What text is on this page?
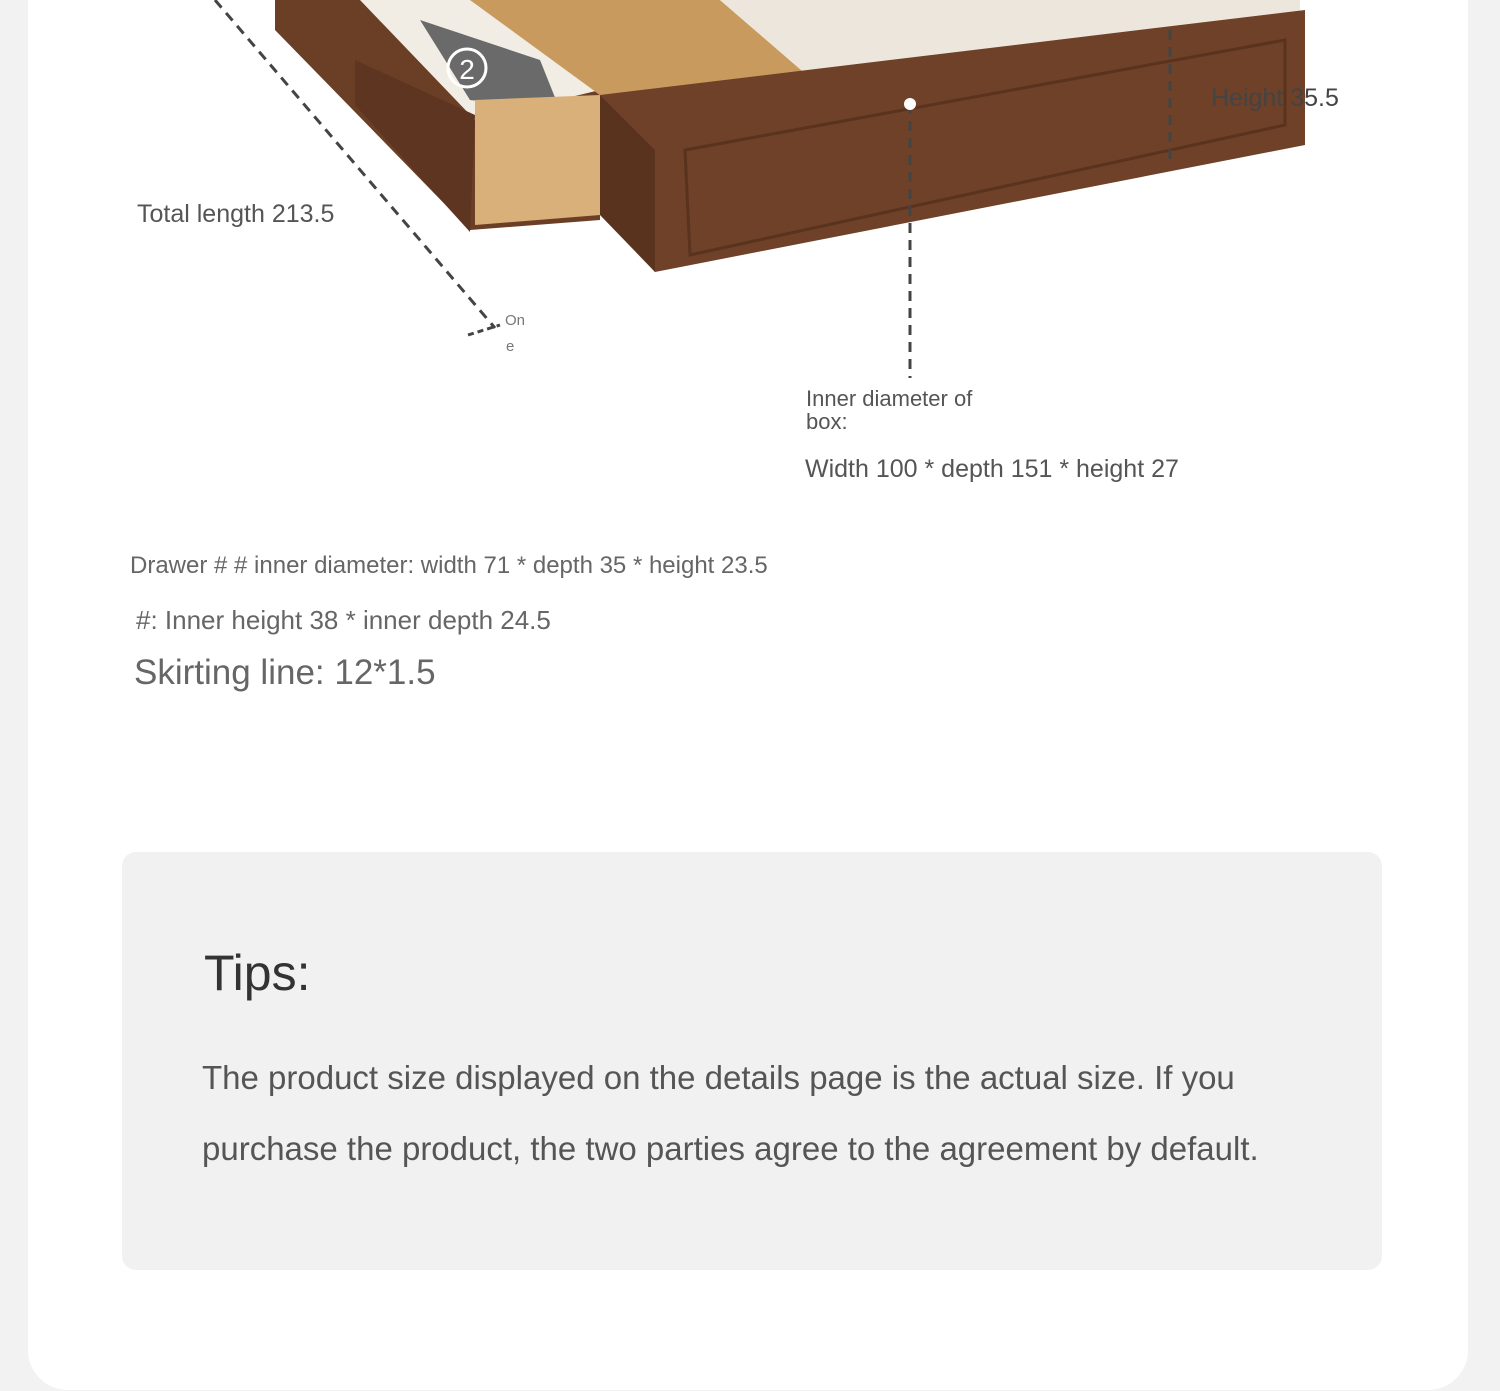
2
Total length 213.5
Height 35.5
On
e
Inner diameter of
box:
Width 100 * depth 151 * height 27
Drawer # # inner diameter: width 71 * depth 35 * height 23.5
#: Inner height 38 * inner depth 24.5
Skirting line: 12*1.5
Tips:
The product size displayed on the details page is the actual size. If you purchase the product, the two parties agree to the agreement by default.
